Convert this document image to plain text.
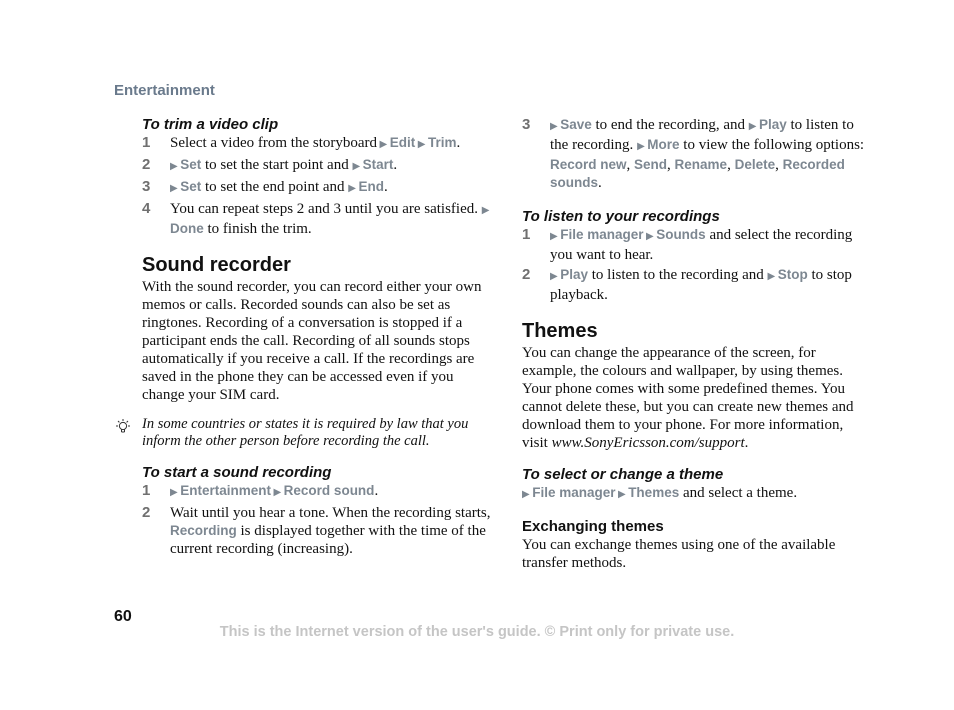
Entertainment
To trim a video clip
1 Select a video from the storyboard ▶ Edit ▶ Trim.
2 ▶ Set to set the start point and ▶ Start.
3 ▶ Set to set the end point and ▶ End.
4 You can repeat steps 2 and 3 until you are satisfied. ▶ Done to finish the trim.
Sound recorder

With the sound recorder, you can record either your own memos or calls. Recorded sounds can also be set as ringtones. Recording of a conversation is stopped if a participant ends the call. Recording of all sounds stops automatically if you receive a call. If the recordings are saved in the phone they can be accessed even if you change your SIM card.

In some countries or states it is required by law that you inform the other person before recording the call.

To start a sound recording
1 ▶ Entertainment ▶ Record sound.
2 Wait until you hear a tone. When the recording starts, Recording is displayed together with the time of the current recording (increasing).
3 ▶ Save to end the recording, and ▶ Play to listen to the recording. ▶ More to view the following options: Record new, Send, Rename, Delete, Recorded sounds.
To listen to your recordings
1 ▶ File manager ▶ Sounds and select the recording you want to hear.
2 ▶ Play to listen to the recording and ▶ Stop to stop playback.
Themes

You can change the appearance of the screen, for example, the colours and wallpaper, by using themes. Your phone comes with some predefined themes. You cannot delete these, but you can create new themes and download them to your phone. For more information, visit www.SonyEricsson.com/support.

To select or change a theme

▶ File manager ▶ Themes and select a theme.

Exchanging themes

You can exchange themes using one of the available transfer methods.

60
This is the Internet version of the user's guide. © Print only for private use.
